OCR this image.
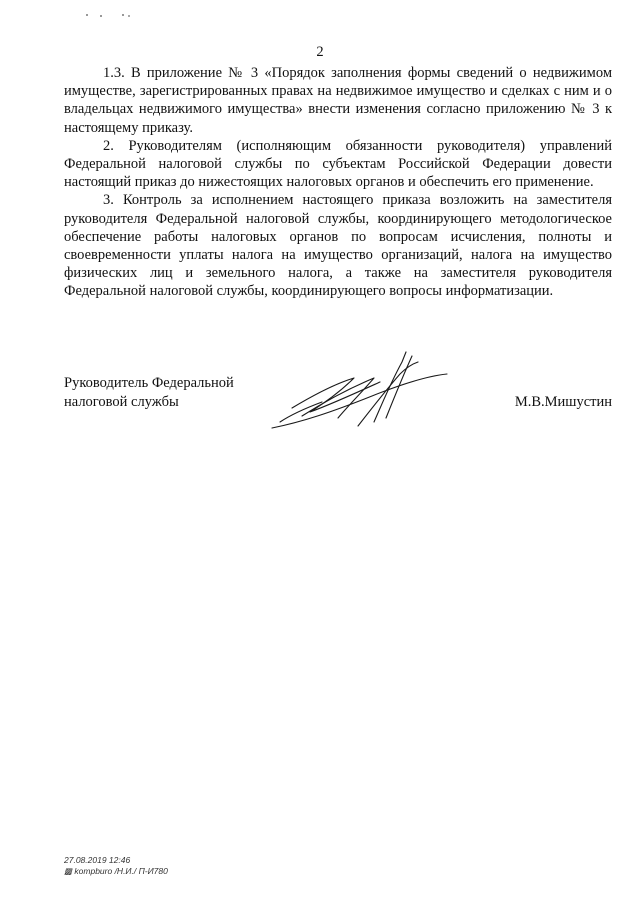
2

1.3. В приложение № 3 «Порядок заполнения формы сведений о недвижимом имуществе, зарегистрированных правах на недвижимое имущество и сделках с ним и о владельцах недвижимого имущества» внести изменения согласно приложению № 3 к настоящему приказу.

2. Руководителям (исполняющим обязанности руководителя) управлений Федеральной налоговой службы по субъектам Российской Федерации довести настоящий приказ до нижестоящих налоговых органов и обеспечить его применение.

3. Контроль за исполнением настоящего приказа возложить на заместителя руководителя Федеральной налоговой службы, координирующего методологическое обеспечение работы налоговых органов по вопросам исчисления, полноты и своевременности уплаты налога на имущество организаций, налога на имущество физических лиц и земельного налога, а также на заместителя руководителя Федеральной налоговой службы, координирующего вопросы информатизации.

Руководитель Федеральной
налоговой службы	М.В.Мишустин
27.08.2019 12:46
▩ kompburo /Н.И./ П-И780
